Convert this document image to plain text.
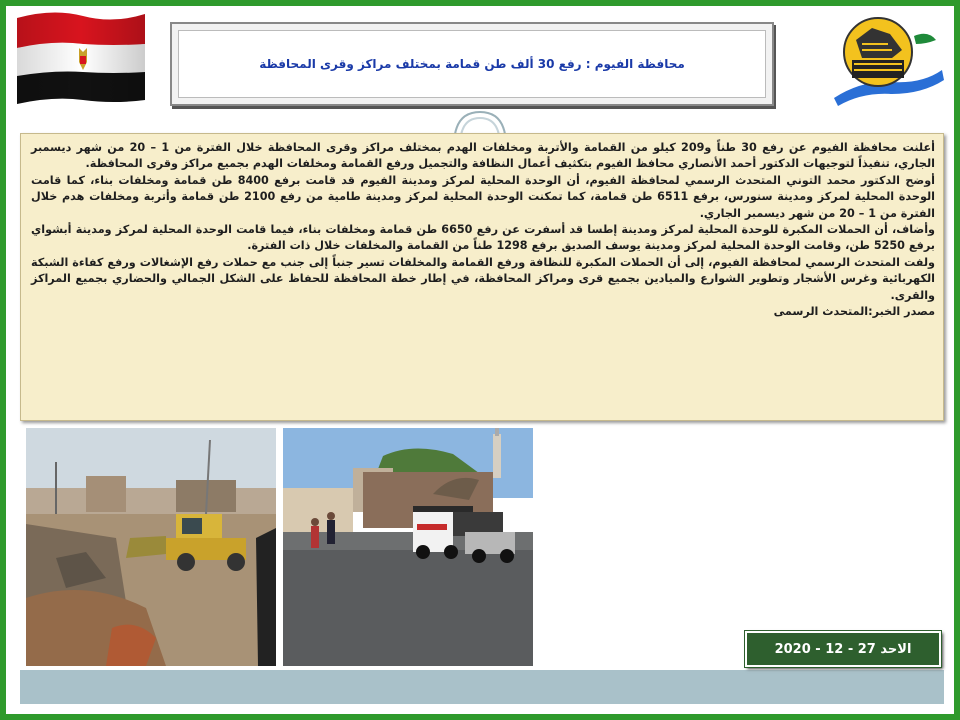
محافظة الفيوم : رفع 30 ألف طن قمامة بمختلف مراكز وقرى المحافظة

أعلنت محافظة الفيوم عن رفع 30 طناً و209 كيلو من القمامة والأتربة ومخلفات الهدم بمختلف مراكز وقرى المحافظة خلال الفترة من 1 – 20 من شهر ديسمبر الجاري، تنفيذاً لتوجيهات الدكتور أحمد الأنصاري محافظ الفيوم بتكثيف أعمال النظافة والتجميل ورفع القمامة ومخلفات الهدم بجميع مراكز وقرى المحافظة.
أوضح الدكتور محمد التوني المتحدث الرسمي لمحافظة الفيوم، أن الوحدة المحلية لمركز ومدينة الفيوم قد قامت برفع 8400 طن قمامة ومخلفات بناء، كما قامت الوحدة المحلية لمركز ومدينة سنورس، برفع 6511 طن قمامة، كما تمكنت الوحدة المحلية لمركز ومدينة طامية من رفع 2100 طن قمامة وأتربة ومخلفات هدم خلال الفترة من 1 – 20 من شهر ديسمبر الجاري.
وأضاف، أن الحملات المكبرة للوحدة المحلية لمركز ومدينة إطسا قد أسفرت عن رفع 6650 طن قمامة ومخلفات بناء، فيما قامت الوحدة المحلية لمركز ومدينة أبشواي برفع 5250 طن، وقامت الوحدة المحلية لمركز ومدينة يوسف الصديق برفع 1298 طناً من القمامة والمخلفات خلال ذات الفترة.
ولفت المتحدث الرسمي لمحافظة الفيوم، إلى أن الحملات المكبرة للنظافة ورفع القمامة والمخلفات تسير جنباً إلى جنب مع حملات رفع الإشغالات ورفع كفاءة الشبكة الكهربائية وغرس الأشجار وتطوير الشوارع والميادين بجميع قرى ومراكز المحافظة، في إطار خطة المحافظة للحفاظ على الشكل الجمالي والحضاري بجميع المراكز والقرى.
مصدر الخبر:المتحدث الرسمى

الاحد 27 - 12 - 2020
